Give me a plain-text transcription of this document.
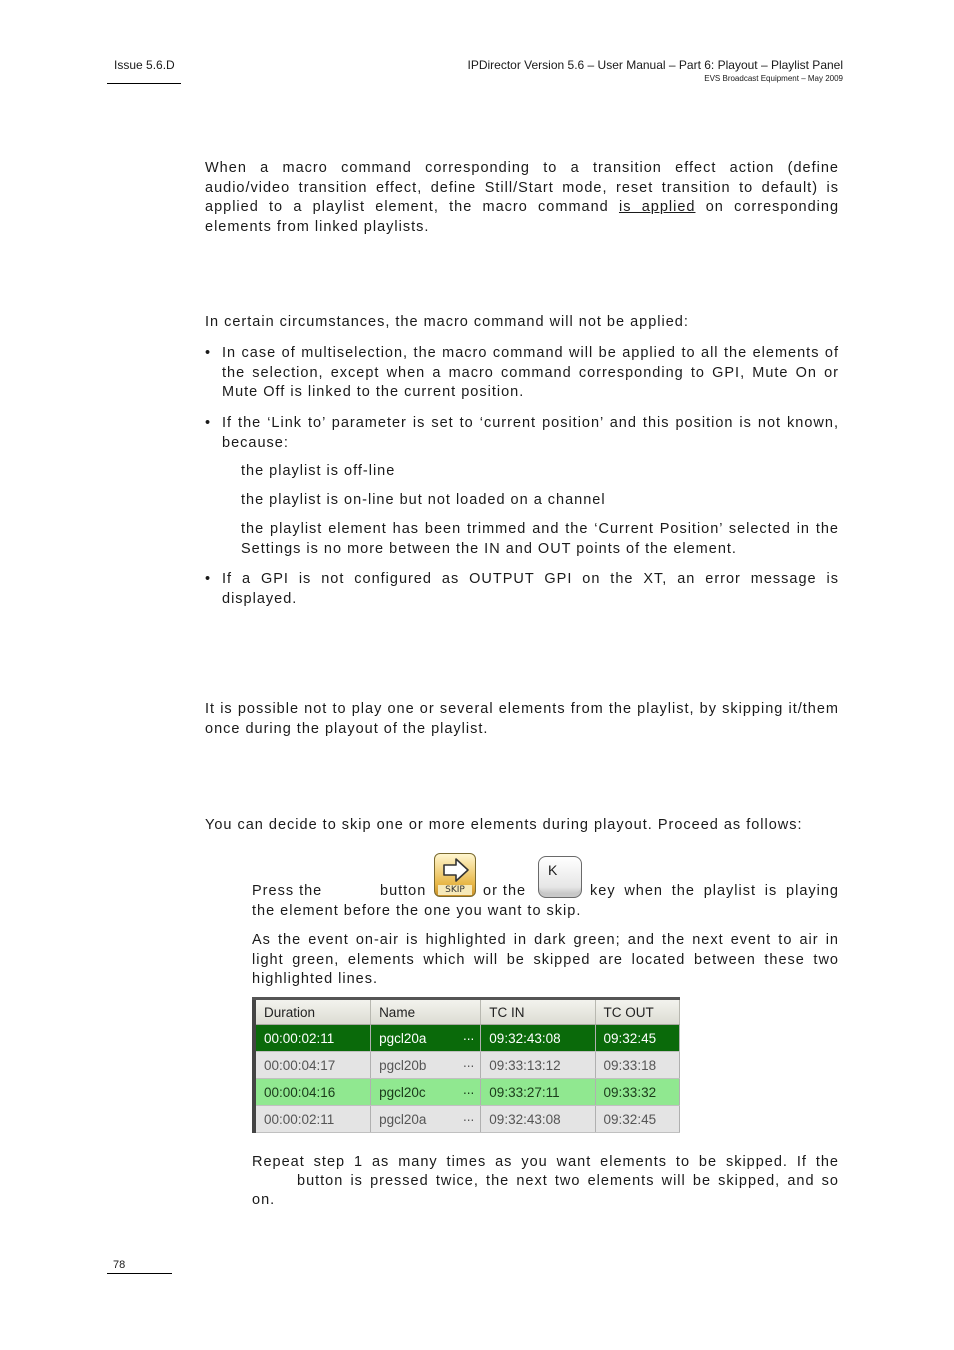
Issue 5.6.D	IPDirector Version 5.6 – User Manual – Part 6: Playout – Playlist Panel
EVS Broadcast Equipment – May 2009
When a macro command corresponding to a transition effect action (define audio/video transition effect, define Still/Start mode, reset transition to default) is applied to a playlist element, the macro command is applied on corresponding elements from linked playlists.
In certain circumstances, the macro command will not be applied:
• In case of multiselection, the macro command will be applied to all the elements of the selection, except when a macro command corresponding to GPI, Mute On or Mute Off is linked to the current position.
• If the ‘Link to’ parameter is set to ‘current position’ and this position is not known, because:
the playlist is off-line
the playlist is on-line but not loaded on a channel
the playlist element has been trimmed and the ‘Current Position’ selected in the Settings is no more between the IN and OUT points of the element.
• If a GPI is not configured as OUTPUT GPI on the XT, an error message is displayed.
It is possible not to play one or several elements from the playlist, by skipping it/them once during the playout of the playlist.
You can decide to skip one or more elements during playout. Proceed as follows:
Press the	button	SKIP	or the
K
key when the playlist is playing
the element before the one you want to skip.
As the event on-air is highlighted in dark green; and the next event to air in light green, elements which will be skipped are located between these two highlighted lines.
Duration	Name	TC IN	TC OUT
00:00:02:11	pgcl20a ...	09:32:43:08	09:32:45
00:00:04:17	pgcl20b ...	09:33:13:12	09:33:18
00:00:04:16	pgcl20c ...	09:33:27:11	09:33:32
00:00:02:11	pgcl20a ...	09:32:43:08	09:32:45
Repeat step 1 as many times as you want elements to be skipped. If the
button is pressed twice, the next two elements will be skipped, and so
on.
78
